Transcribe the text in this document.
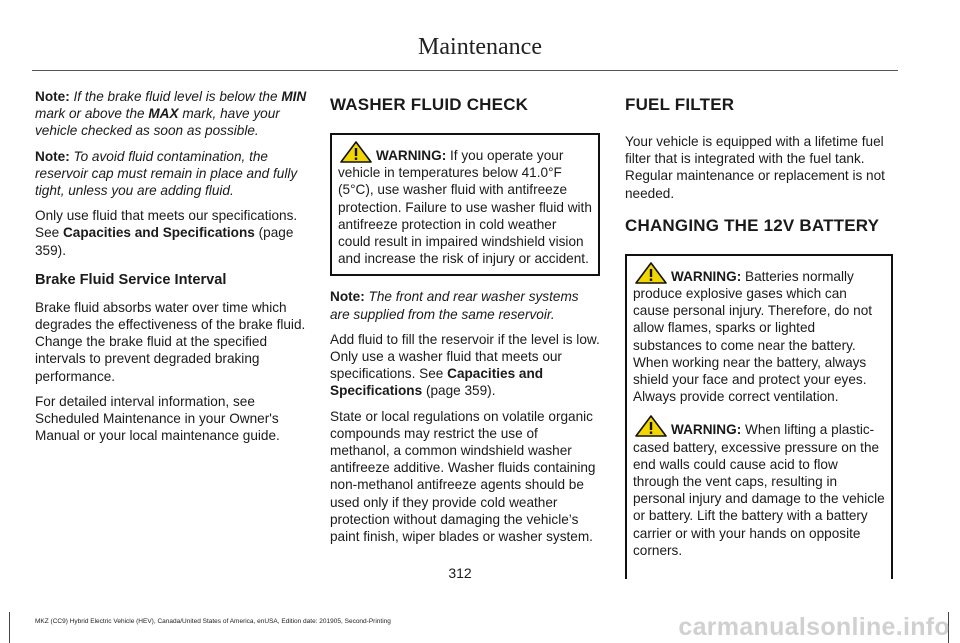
Maintenance

Note: If the brake fluid level is below the MIN mark or above the MAX mark, have your vehicle checked as soon as possible.

Note: To avoid fluid contamination, the reservoir cap must remain in place and fully tight, unless you are adding fluid.

Only use fluid that meets our specifications. See Capacities and Specifications (page 359).

Brake Fluid Service Interval

Brake fluid absorbs water over time which degrades the effectiveness of the brake fluid. Change the brake fluid at the specified intervals to prevent degraded braking performance.

For detailed interval information, see Scheduled Maintenance in your Owner's Manual or your local maintenance guide.

WASHER FLUID CHECK

WARNING: If you operate your vehicle in temperatures below 41.0°F (5°C), use washer fluid with antifreeze protection. Failure to use washer fluid with antifreeze protection in cold weather could result in impaired windshield vision and increase the risk of injury or accident.

Note: The front and rear washer systems are supplied from the same reservoir.

Add fluid to fill the reservoir if the level is low. Only use a washer fluid that meets our specifications. See Capacities and Specifications (page 359).

State or local regulations on volatile organic compounds may restrict the use of methanol, a common windshield washer antifreeze additive. Washer fluids containing non-methanol antifreeze agents should be used only if they provide cold weather protection without damaging the vehicle’s paint finish, wiper blades or washer system.

FUEL FILTER

Your vehicle is equipped with a lifetime fuel filter that is integrated with the fuel tank. Regular maintenance or replacement is not needed.

CHANGING THE 12V BATTERY

WARNING: Batteries normally produce explosive gases which can cause personal injury. Therefore, do not allow flames, sparks or lighted substances to come near the battery. When working near the battery, always shield your face and protect your eyes. Always provide correct ventilation.

WARNING: When lifting a plastic-cased battery, excessive pressure on the end walls could cause acid to flow through the vent caps, resulting in personal injury and damage to the vehicle or battery. Lift the battery with a battery carrier or with your hands on opposite corners.

312
MKZ (CC9) Hybrid Electric Vehicle (HEV), Canada/United States of America, enUSA, Edition date: 201905, Second-Printing	carmanualsonline.info
